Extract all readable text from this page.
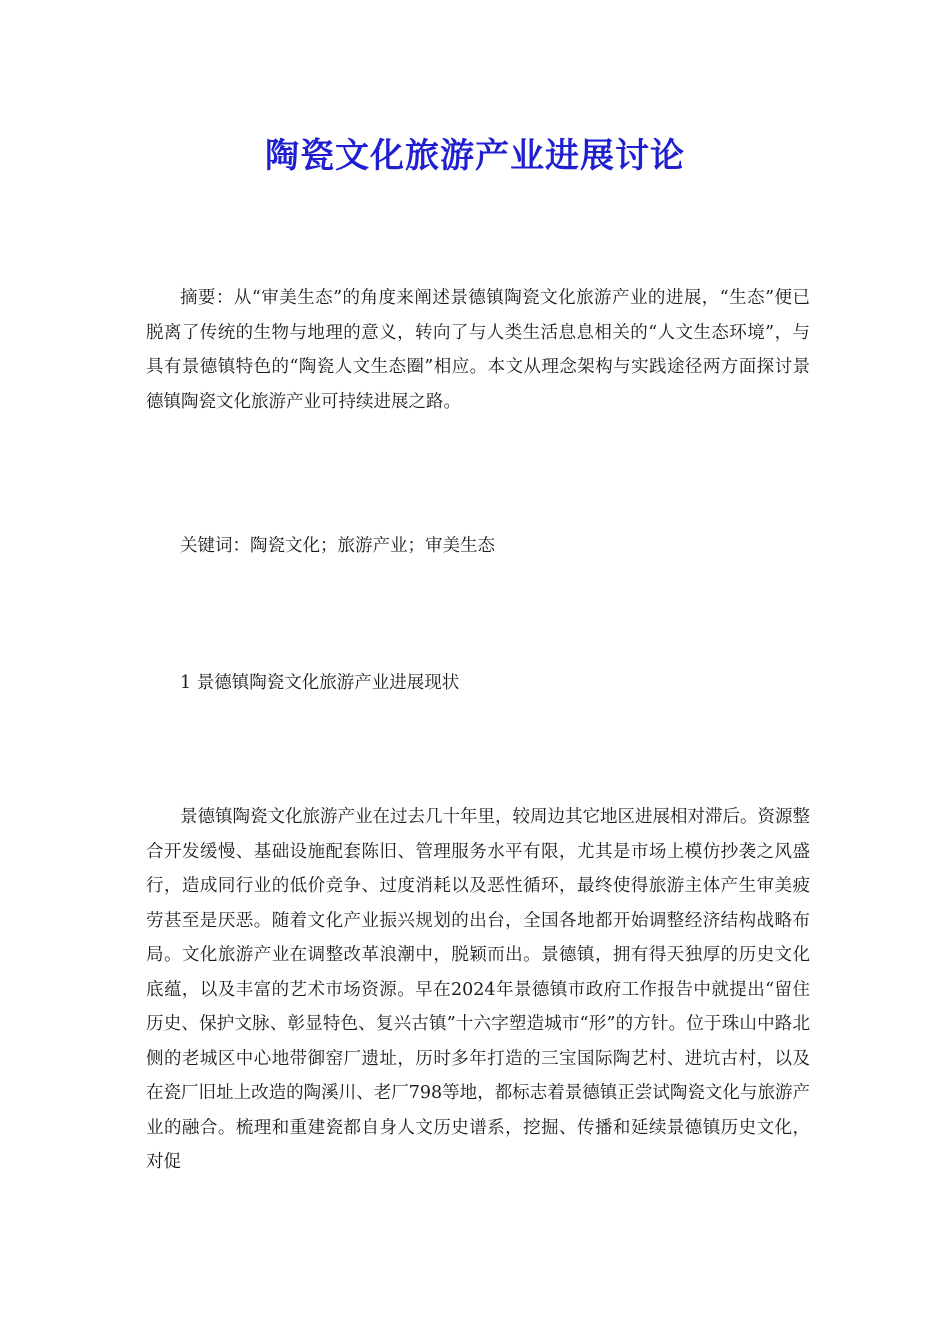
陶瓷文化旅游产业进展讨论

摘要：从“审美生态”的角度来阐述景德镇陶瓷文化旅游产业的进展，“生态”便已脱离了传统的生物与地理的意义，转向了与人类生活息息相关的“人文生态环境”，与具有景德镇特色的“陶瓷人文生态圈”相应。本文从理念架构与实践途径两方面探讨景德镇陶瓷文化旅游产业可持续进展之路。

关键词：陶瓷文化；旅游产业；审美生态

1 景德镇陶瓷文化旅游产业进展现状

景德镇陶瓷文化旅游产业在过去几十年里，较周边其它地区进展相对滞后。资源整合开发缓慢、基础设施配套陈旧、管理服务水平有限，尤其是市场上模仿抄袭之风盛行，造成同行业的低价竞争、过度消耗以及恶性循环，最终使得旅游主体产生审美疲劳甚至是厌恶。随着文化产业振兴规划的出台，全国各地都开始调整经济结构战略布局。文化旅游产业在调整改革浪潮中，脱颖而出。景德镇，拥有得天独厚的历史文化底蕴，以及丰富的艺术市场资源。早在2024年景德镇市政府工作报告中就提出“留住历史、保护文脉、彰显特色、复兴古镇”十六字塑造城市“形”的方针。位于珠山中路北侧的老城区中心地带御窑厂遗址，历时多年打造的三宝国际陶艺村、进坑古村，以及在瓷厂旧址上改造的陶溪川、老厂798等地，都标志着景德镇正尝试陶瓷文化与旅游产业的融合。梳理和重建瓷都自身人文历史谱系，挖掘、传播和延续景德镇历史文化，对促
